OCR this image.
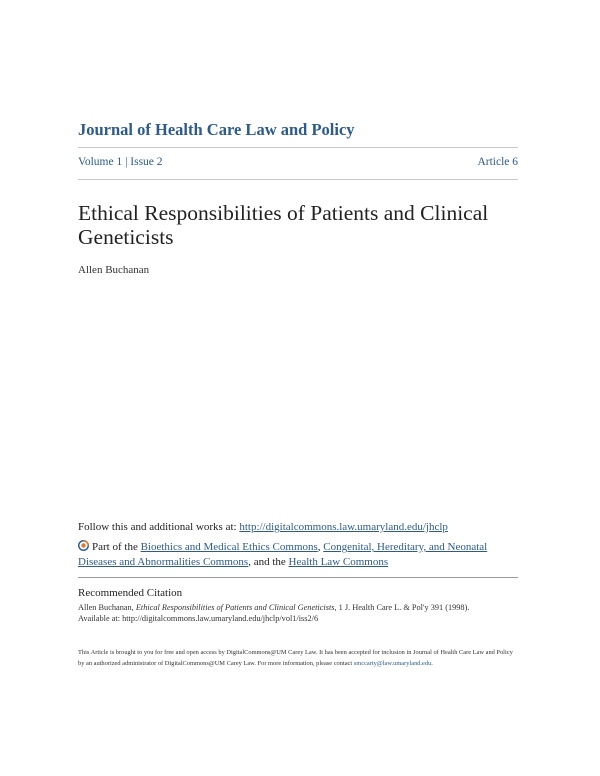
Journal of Health Care Law and Policy
Volume 1 | Issue 2	Article 6
Ethical Responsibilities of Patients and Clinical Geneticists
Allen Buchanan
Follow this and additional works at: http://digitalcommons.law.umaryland.edu/jhclp
Part of the Bioethics and Medical Ethics Commons, Congenital, Hereditary, and Neonatal Diseases and Abnormalities Commons, and the Health Law Commons
Recommended Citation
Allen Buchanan, Ethical Responsibilities of Patients and Clinical Geneticists, 1 J. Health Care L. & Pol'y 391 (1998).
Available at: http://digitalcommons.law.umaryland.edu/jhclp/vol1/iss2/6
This Article is brought to you for free and open access by DigitalCommons@UM Carey Law. It has been accepted for inclusion in Journal of Health Care Law and Policy by an authorized administrator of DigitalCommons@UM Carey Law. For more information, please contact smccarty@law.umaryland.edu.
